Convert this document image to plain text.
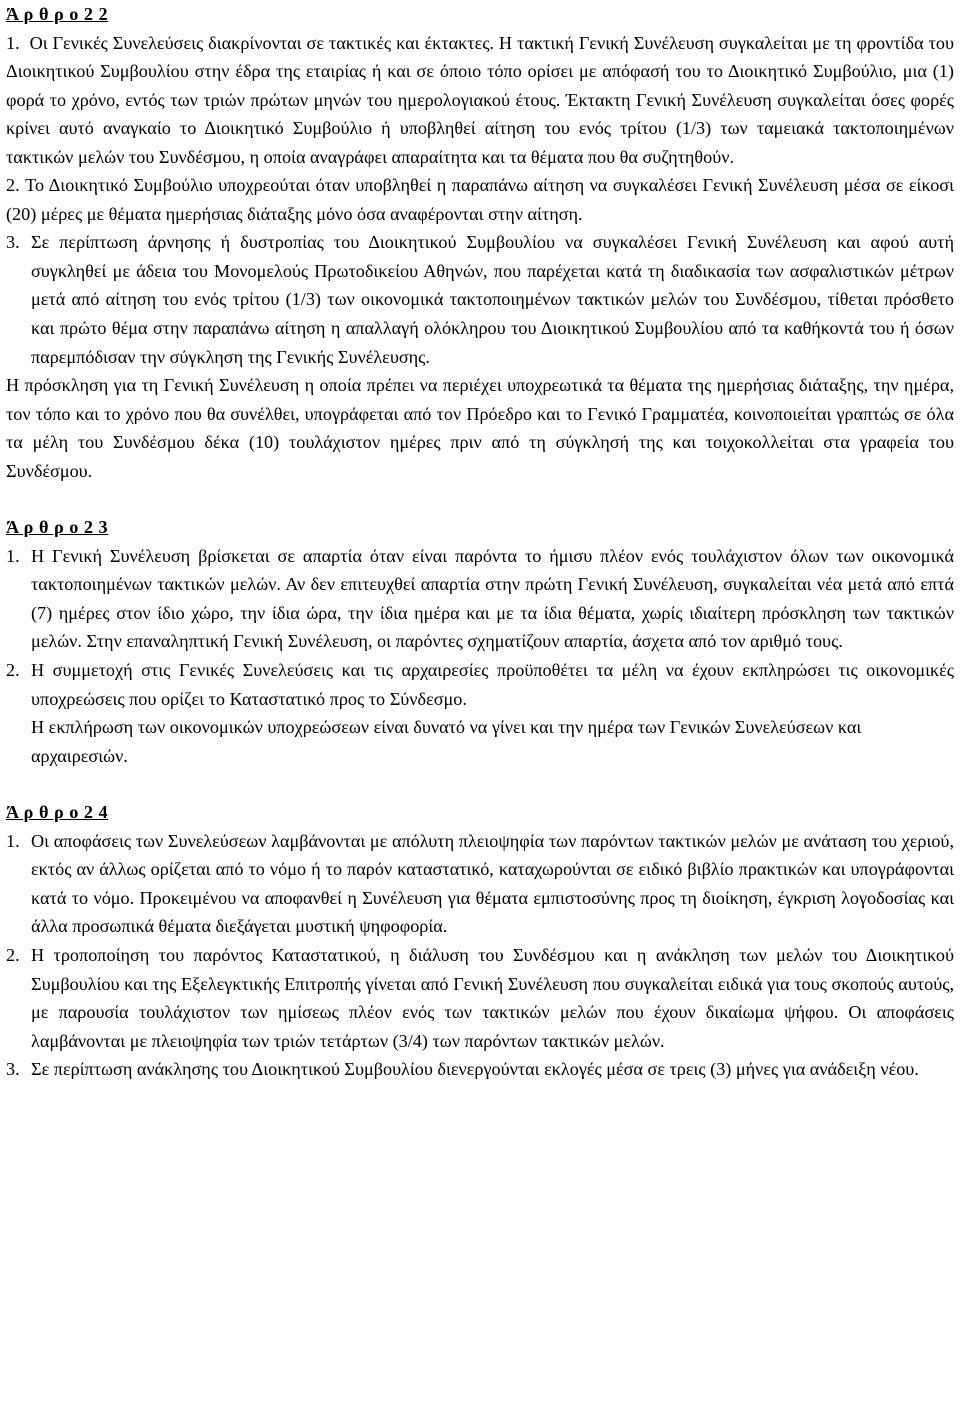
Ά ρ θ ρ ο 2 2
1. Οι Γενικές Συνελεύσεις διακρίνονται σε τακτικές και έκτακτες. Η τακτική Γενική Συνέλευση συγκαλείται με τη φροντίδα του Διοικητικού Συμβουλίου στην έδρα της εταιρίας ή και σε όποιο τόπο ορίσει με απόφασή του το Διοικητικό Συμβούλιο, μια (1) φορά το χρόνο, εντός των τριών πρώτων μηνών του ημερολογιακού έτους. Έκτακτη Γενική Συνέλευση συγκαλείται όσες φορές κρίνει αυτό αναγκαίο το Διοικητικό Συμβούλιο ή υποβληθεί αίτηση του ενός τρίτου (1/3) των ταμειακά τακτοποιημένων τακτικών μελών του Συνδέσμου, η οποία αναγράφει απαραίτητα και τα θέματα που θα συζητηθούν.
2. Το Διοικητικό Συμβούλιο υποχρεούται όταν υποβληθεί η παραπάνω αίτηση να συγκαλέσει Γενική Συνέλευση μέσα σε είκοσι (20) μέρες με θέματα ημερήσιας διάταξης μόνο όσα αναφέρονται στην αίτηση.
3. Σε περίπτωση άρνησης ή δυστροπίας του Διοικητικού Συμβουλίου να συγκαλέσει Γενική Συνέλευση και αφού αυτή συγκληθεί με άδεια του Μονομελούς Πρωτοδικείου Αθηνών, που παρέχεται κατά τη διαδικασία των ασφαλιστικών μέτρων μετά από αίτηση του ενός τρίτου (1/3) των οικονομικά τακτοποιημένων τακτικών μελών του Συνδέσμου, τίθεται πρόσθετο και πρώτο θέμα στην παραπάνω αίτηση η απαλλαγή ολόκληρου του Διοικητικού Συμβουλίου από τα καθήκοντά του ή όσων παρεμπόδισαν την σύγκληση της Γενικής Συνέλευσης.
Η πρόσκληση για τη Γενική Συνέλευση η οποία πρέπει να περιέχει υποχρεωτικά τα θέματα της ημερήσιας διάταξης, την ημέρα, τον τόπο και το χρόνο που θα συνέλθει, υπογράφεται από τον Πρόεδρο και το Γενικό Γραμματέα, κοινοποιείται γραπτώς σε όλα τα μέλη του Συνδέσμου δέκα (10) τουλάχιστον ημέρες πριν από τη σύγκλησή της και τοιχοκολλείται στα γραφεία του Συνδέσμου.
Ά ρ θ ρ ο 2 3
1. Η Γενική Συνέλευση βρίσκεται σε απαρτία όταν είναι παρόντα το ήμισυ πλέον ενός τουλάχιστον όλων των οικονομικά τακτοποιημένων τακτικών μελών. Αν δεν επιτευχθεί απαρτία στην πρώτη Γενική Συνέλευση, συγκαλείται νέα μετά από επτά (7) ημέρες στον ίδιο χώρο, την ίδια ώρα, την ίδια ημέρα και με τα ίδια θέματα, χωρίς ιδιαίτερη πρόσκληση των τακτικών μελών. Στην επαναληπτική Γενική Συνέλευση, οι παρόντες σχηματίζουν απαρτία, άσχετα από τον αριθμό τους.
2. Η συμμετοχή στις Γενικές Συνελεύσεις και τις αρχαιρεσίες προϋποθέτει τα μέλη να έχουν εκπληρώσει τις οικονομικές υποχρεώσεις που ορίζει το Καταστατικό προς το Σύνδεσμο.
Η εκπλήρωση των οικονομικών υποχρεώσεων είναι δυνατό να γίνει και την ημέρα των Γενικών Συνελεύσεων και αρχαιρεσιών.
Ά ρ θ ρ ο 2 4
1. Οι αποφάσεις των Συνελεύσεων λαμβάνονται με απόλυτη πλειοψηφία των παρόντων τακτικών μελών με ανάταση του χεριού, εκτός αν άλλως ορίζεται από το νόμο ή το παρόν καταστατικό, καταχωρούνται σε ειδικό βιβλίο πρακτικών και υπογράφονται κατά το νόμο. Προκειμένου να αποφανθεί η Συνέλευση για θέματα εμπιστοσύνης προς τη διοίκηση, έγκριση λογοδοσίας και άλλα προσωπικά θέματα διεξάγεται μυστική ψηφοφορία.
2. Η τροποποίηση του παρόντος Καταστατικού, η διάλυση του Συνδέσμου και η ανάκληση των μελών του Διοικητικού Συμβουλίου και της Εξελεγκτικής Επιτροπής γίνεται από Γενική Συνέλευση που συγκαλείται ειδικά για τους σκοπούς αυτούς, με παρουσία τουλάχιστον των ημίσεως πλέον ενός των τακτικών μελών που έχουν δικαίωμα ψήφου. Οι αποφάσεις λαμβάνονται με πλειοψηφία των τριών τετάρτων (3/4) των παρόντων τακτικών μελών.
3. Σε περίπτωση ανάκλησης του Διοικητικού Συμβουλίου διενεργούνται εκλογές μέσα σε τρεις (3) μήνες για ανάδειξη νέου.
